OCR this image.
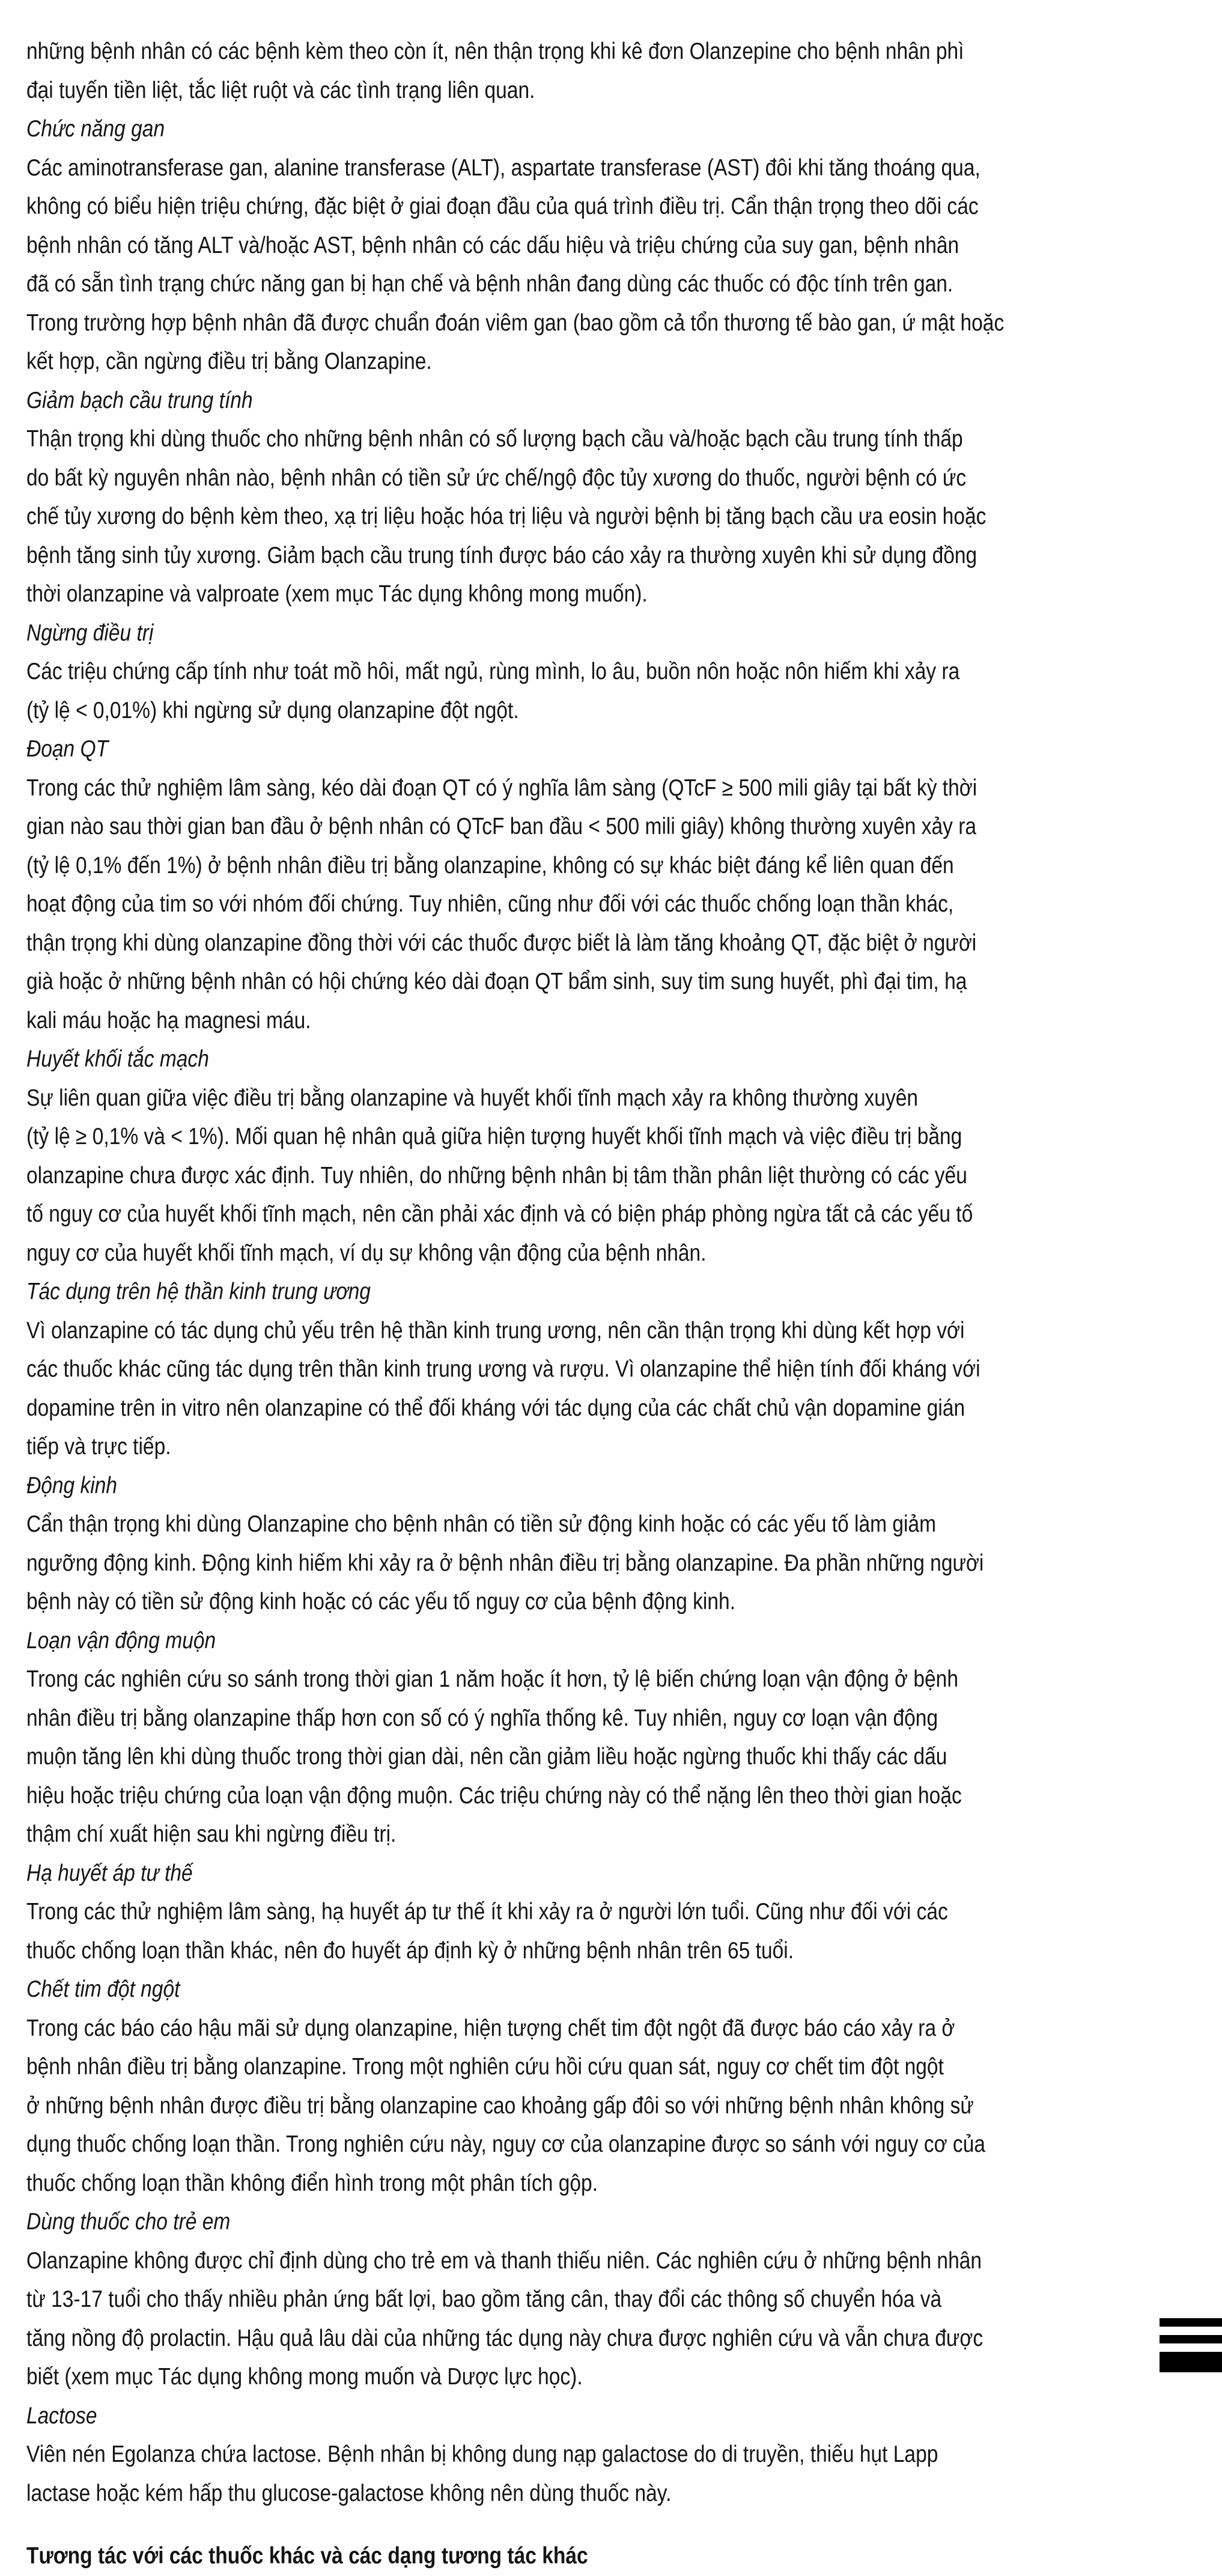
những bệnh nhân có các bệnh kèm theo còn ít, nên thận trọng khi kê đơn Olanzepine cho bệnh nhân phì

đại tuyến tiền liệt, tắc liệt ruột và các tình trạng liên quan.

Chức năng gan

Các aminotransferase gan, alanine transferase (ALT), aspartate transferase (AST) đôi khi tăng thoáng qua,

không có biểu hiện triệu chứng, đặc biệt ở giai đoạn đầu của quá trình điều trị. Cẩn thận trọng theo dõi các

bệnh nhân có tăng ALT và/hoặc AST, bệnh nhân có các dấu hiệu và triệu chứng của suy gan, bệnh nhân

đã có sẵn tình trạng chức năng gan bị hạn chế và bệnh nhân đang dùng các thuốc có độc tính trên gan.

Trong trường hợp bệnh nhân đã được chuẩn đoán viêm gan (bao gồm cả tổn thương tế bào gan, ứ mật hoặc

kết hợp, cần ngừng điều trị bằng Olanzapine.

Giảm bạch cầu trung tính

Thận trọng khi dùng thuốc cho những bệnh nhân có số lượng bạch cầu và/hoặc bạch cầu trung tính thấp

do bất kỳ nguyên nhân nào, bệnh nhân có tiền sử ức chế/ngộ độc tủy xương do thuốc, người bệnh có ức

chế tủy xương do bệnh kèm theo, xạ trị liệu hoặc hóa trị liệu và người bệnh bị tăng bạch cầu ưa eosin hoặc

bệnh tăng sinh tủy xương. Giảm bạch cầu trung tính được báo cáo xảy ra thường xuyên khi sử dụng đồng

thời olanzapine và valproate (xem mục Tác dụng không mong muốn).

Ngừng điều trị

Các triệu chứng cấp tính như toát mồ hôi, mất ngủ, rùng mình, lo âu, buồn nôn hoặc nôn hiếm khi xảy ra

(tỷ lệ < 0,01%) khi ngừng sử dụng olanzapine đột ngột.

Đoạn QT

Trong các thử nghiệm lâm sàng, kéo dài đoạn QT có ý nghĩa lâm sàng (QTcF ≥ 500 mili giây tại bất kỳ thời

gian nào sau thời gian ban đầu ở bệnh nhân có QTcF ban đầu < 500 mili giây) không thường xuyên xảy ra

(tỷ lệ 0,1% đến 1%) ở bệnh nhân điều trị bằng olanzapine, không có sự khác biệt đáng kể liên quan đến

hoạt động của tim so với nhóm đối chứng. Tuy nhiên, cũng như đối với các thuốc chống loạn thần khác,

thận trọng khi dùng olanzapine đồng thời với các thuốc được biết là làm tăng khoảng QT, đặc biệt ở người

già hoặc ở những bệnh nhân có hội chứng kéo dài đoạn QT bẩm sinh, suy tim sung huyết, phì đại tim, hạ

kali máu hoặc hạ magnesi máu.

Huyết khối tắc mạch

Sự liên quan giữa việc điều trị bằng olanzapine và huyết khối tĩnh mạch xảy ra không thường xuyên

(tỷ lệ ≥ 0,1% và < 1%). Mối quan hệ nhân quả giữa hiện tượng huyết khối tĩnh mạch và việc điều trị bằng

olanzapine chưa được xác định. Tuy nhiên, do những bệnh nhân bị tâm thần phân liệt thường có các yếu

tố nguy cơ của huyết khối tĩnh mạch, nên cần phải xác định và có biện pháp phòng ngừa tất cả các yếu tố

nguy cơ của huyết khối tĩnh mạch, ví dụ sự không vận động của bệnh nhân.

Tác dụng trên hệ thần kinh trung ương

Vì olanzapine có tác dụng chủ yếu trên hệ thần kinh trung ương, nên cần thận trọng khi dùng kết hợp với

các thuốc khác cũng tác dụng trên thần kinh trung ương và rượu. Vì olanzapine thể hiện tính đối kháng với

dopamine trên in vitro nên olanzapine có thể đối kháng với tác dụng của các chất chủ vận dopamine gián

tiếp và trực tiếp.

Động kinh

Cẩn thận trọng khi dùng Olanzapine cho bệnh nhân có tiền sử động kinh hoặc có các yếu tố làm giảm

ngưỡng động kinh. Động kinh hiếm khi xảy ra ở bệnh nhân điều trị bằng olanzapine. Đa phần những người

bệnh này có tiền sử động kinh hoặc có các yếu tố nguy cơ của bệnh động kinh.

Loạn vận động muộn

Trong các nghiên cứu so sánh trong thời gian 1 năm hoặc ít hơn, tỷ lệ biến chứng loạn vận động ở bệnh

nhân điều trị bằng olanzapine thấp hơn con số có ý nghĩa thống kê. Tuy nhiên, nguy cơ loạn vận động

muộn tăng lên khi dùng thuốc trong thời gian dài, nên cần giảm liều hoặc ngừng thuốc khi thấy các dấu

hiệu hoặc triệu chứng của loạn vận động muộn. Các triệu chứng này có thể nặng lên theo thời gian hoặc

thậm chí xuất hiện sau khi ngừng điều trị.

Hạ huyết áp tư thế

Trong các thử nghiệm lâm sàng, hạ huyết áp tư thế ít khi xảy ra ở người lớn tuổi. Cũng như đối với các

thuốc chống loạn thần khác, nên đo huyết áp định kỳ ở những bệnh nhân trên 65 tuổi.

Chết tim đột ngột

Trong các báo cáo hậu mãi sử dụng olanzapine, hiện tượng chết tim đột ngột đã được báo cáo xảy ra ở

bệnh nhân điều trị bằng olanzapine. Trong một nghiên cứu hồi cứu quan sát, nguy cơ chết tim đột ngột

ở những bệnh nhân được điều trị bằng olanzapine cao khoảng gấp đôi so với những bệnh nhân không sử

dụng thuốc chống loạn thần. Trong nghiên cứu này, nguy cơ của olanzapine được so sánh với nguy cơ của

thuốc chống loạn thần không điển hình trong một phân tích gộp.

Dùng thuốc cho trẻ em

Olanzapine không được chỉ định dùng cho trẻ em và thanh thiếu niên. Các nghiên cứu ở những bệnh nhân

từ 13-17 tuổi cho thấy nhiều phản ứng bất lợi, bao gồm tăng cân, thay đổi các thông số chuyển hóa và

tăng nồng độ prolactin. Hậu quả lâu dài của những tác dụng này chưa được nghiên cứu và vẫn chưa được

biết (xem mục Tác dụng không mong muốn và Dược lực học).

Lactose

Viên nén Egolanza chứa lactose. Bệnh nhân bị không dung nạp galactose do di truyền, thiếu hụt Lapp

lactase hoặc kém hấp thu glucose-galactose không nên dùng thuốc này.

Tương tác với các thuốc khác và các dạng tương tác khác
